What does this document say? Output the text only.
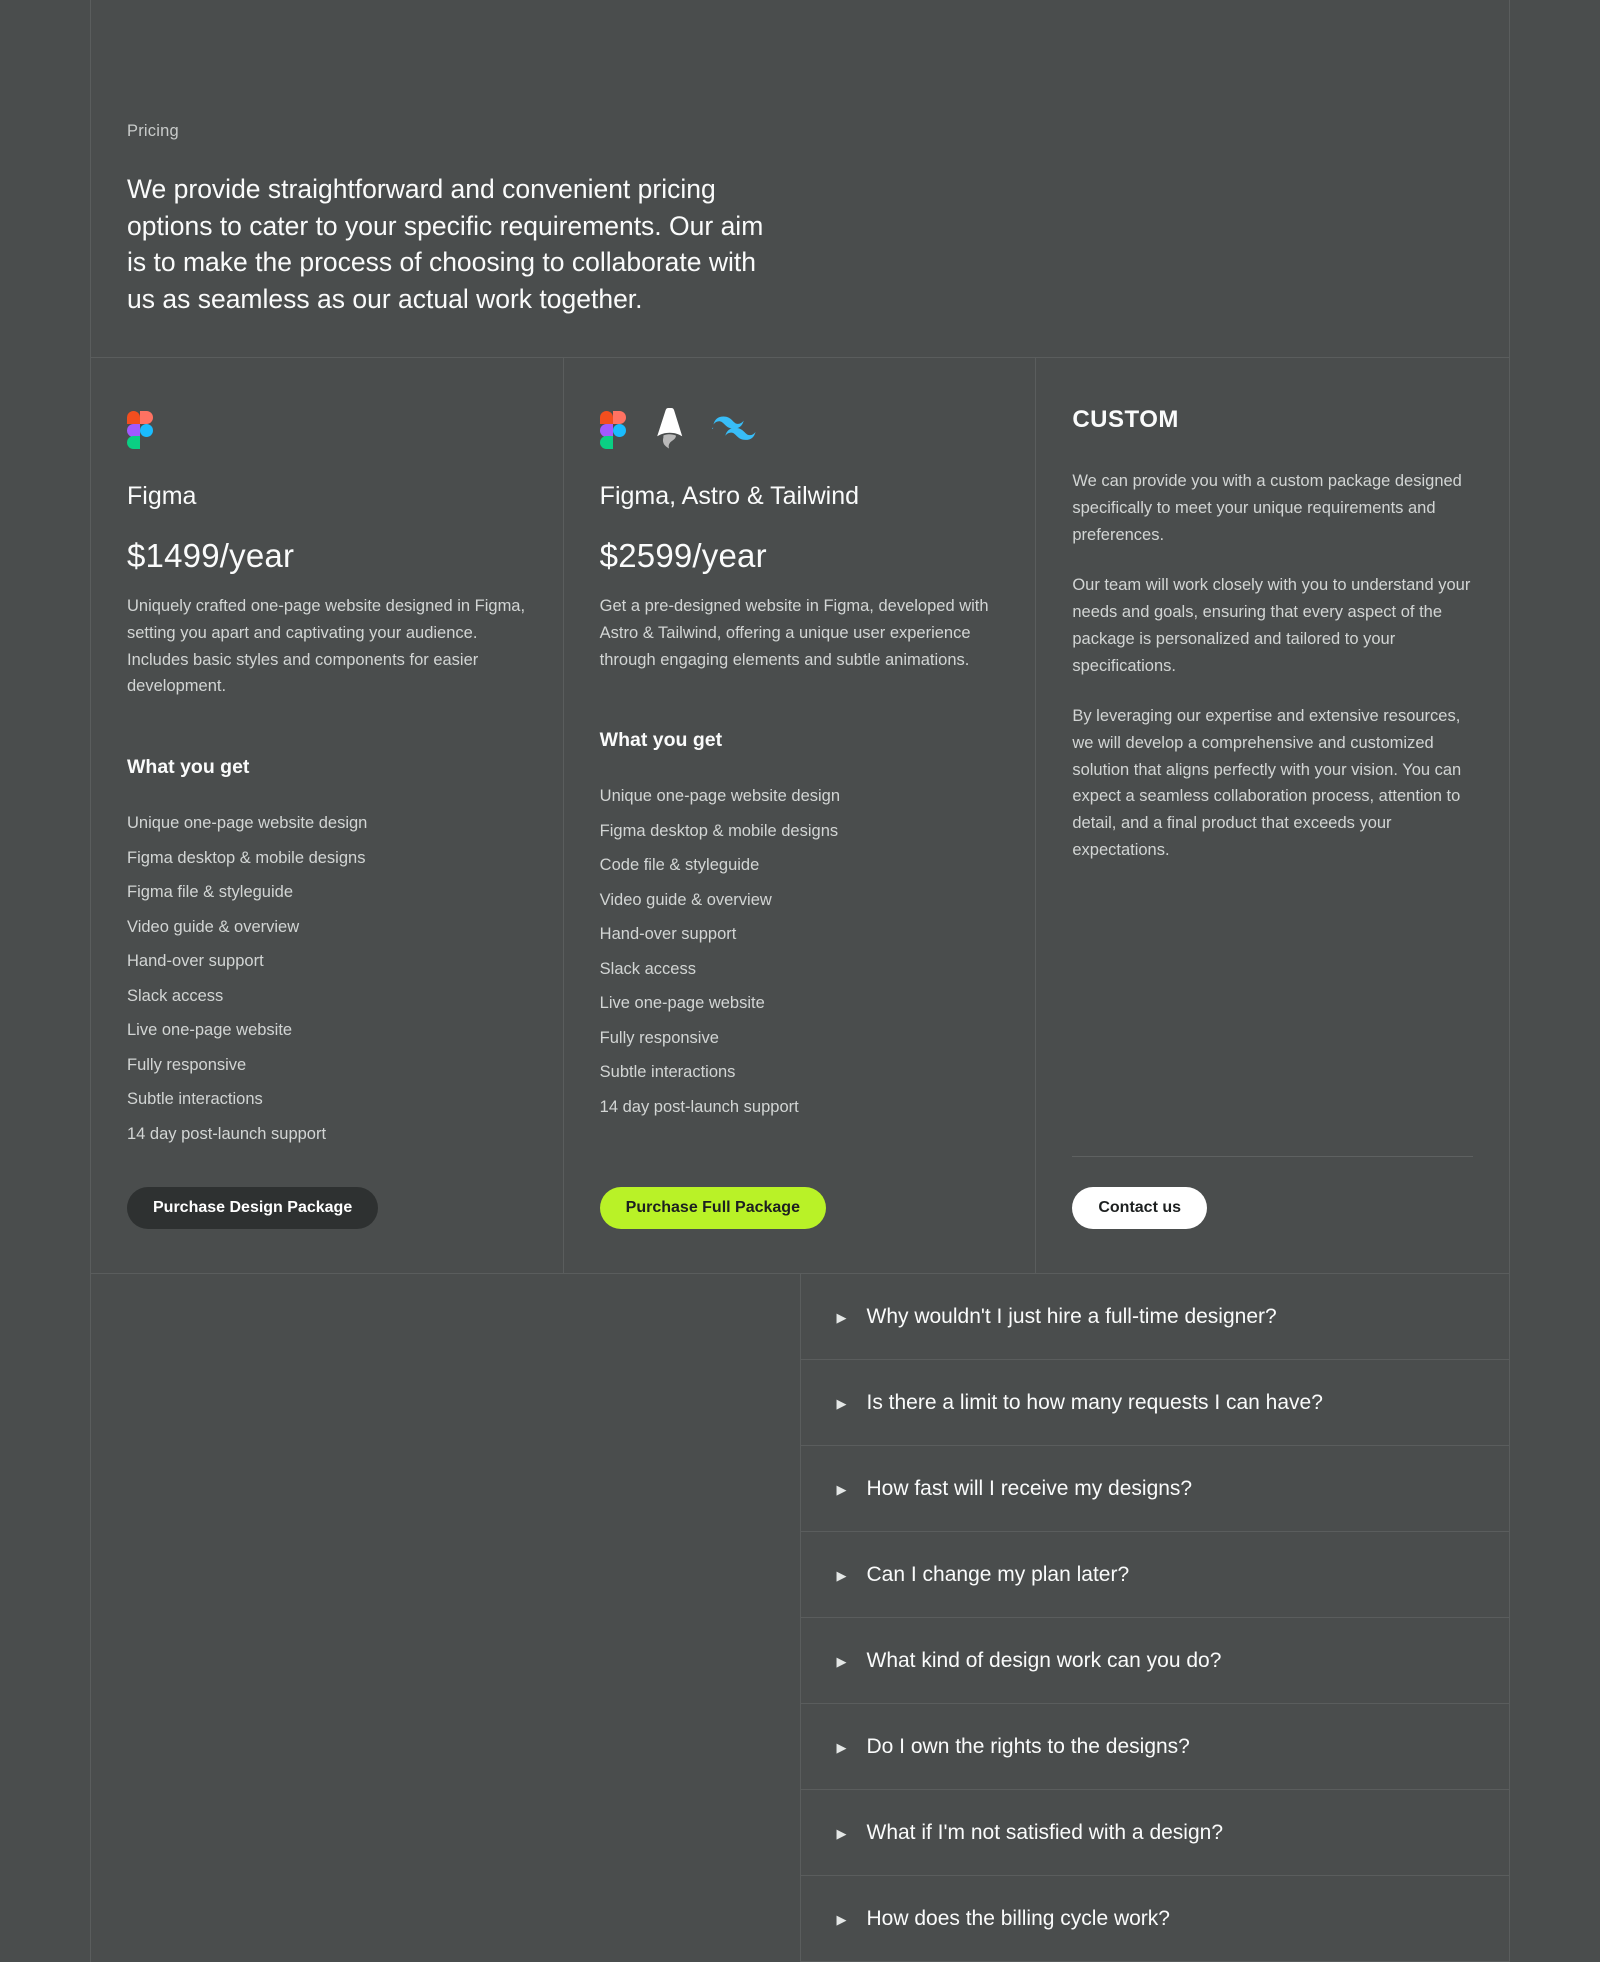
Pricing

We provide straightforward and convenient pricing options to cater to your specific requirements. Our aim is to make the process of choosing to collaborate with us as seamless as our actual work together.

Figma
$1499/year

Uniquely crafted one-page website designed in Figma, setting you apart and captivating your audience. Includes basic styles and components for easier development.

What you get
Unique one-page website design
Figma desktop & mobile designs
Figma file & styleguide
Video guide & overview
Hand-over support
Slack access
Live one-page website
Fully responsive
Subtle interactions
14 day post-launch support
Purchase Design Package
Figma, Astro & Tailwind
$2599/year

Get a pre-designed website in Figma, developed with Astro & Tailwind, offering a unique user experience through engaging elements and subtle animations.

What you get
Unique one-page website design
Figma desktop & mobile designs
Code file & styleguide
Video guide & overview
Hand-over support
Slack access
Live one-page website
Fully responsive
Subtle interactions
14 day post-launch support
Purchase Full Package
CUSTOM

We can provide you with a custom package designed specifically to meet your unique requirements and preferences.

Our team will work closely with you to understand your needs and goals, ensuring that every aspect of the package is personalized and tailored to your specifications.

By leveraging our expertise and extensive resources, we will develop a comprehensive and customized solution that aligns perfectly with your vision. You can expect a seamless collaboration process, attention to detail, and a final product that exceeds your expectations.

Contact us
▶ Why wouldn't I just hire a full-time designer?
▶ Is there a limit to how many requests I can have?
▶ How fast will I receive my designs?
▶ Can I change my plan later?
▶ What kind of design work can you do?
▶ Do I own the rights to the designs?
▶ What if I'm not satisfied with a design?
▶ How does the billing cycle work?
